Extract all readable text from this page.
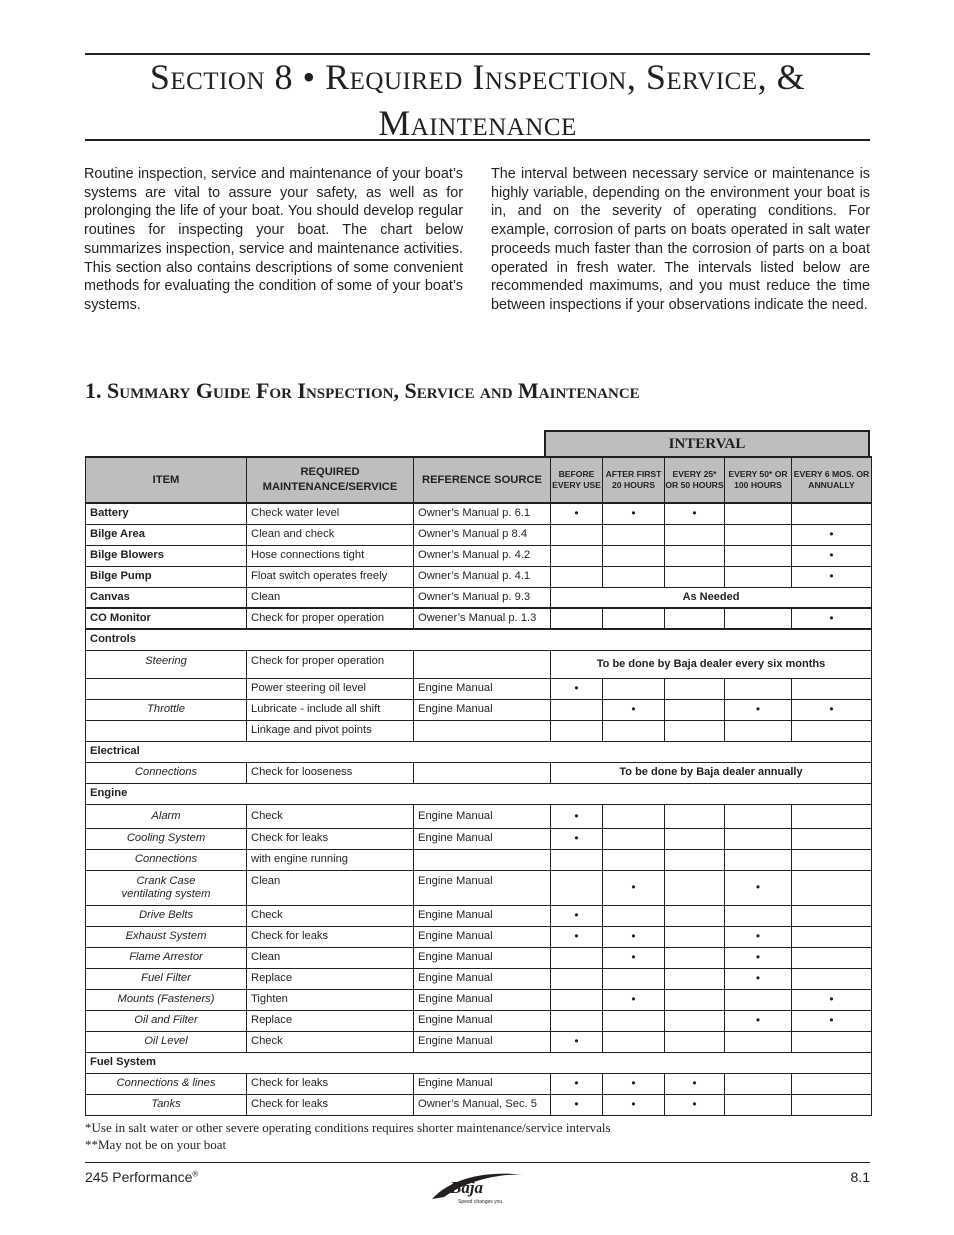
Section 8 • Required Inspection, Service, &
Maintenance

Routine inspection, service and maintenance of your boat’s systems are vital to assure your safety, as well as for prolonging the life of your boat. You should develop regular routines for inspecting your boat. The chart below summarizes inspection, service and maintenance activities. This section also contains descriptions of some convenient methods for evaluating the condition of some of your boat’s systems.

The interval between necessary service or maintenance is highly variable, depending on the environment your boat is in, and on the severity of operating conditions. For example, corrosion of parts on boats operated in salt water proceeds much faster than the corrosion of parts on a boat operated in fresh water. The intervals listed below are recommended maximums, and you must reduce the time between inspections if your observations indicate the need.

1. Summary Guide For Inspection, Service and Maintenance
INTERVAL
ITEM	REQUIRED MAINTENANCE/SERVICE	REFERENCE SOURCE	BEFORE EVERY USE	AFTER FIRST 20 HOURS	EVERY 25* OR 50 HOURS	EVERY 50* OR 100 HOURS	EVERY 6 MOS. OR ANNUALLY
Battery	Check water level	Owner’s Manual p. 6.1	•	•	•		
Bilge Area	Clean and check	Owner’s Manual p 8.4					•
Bilge Blowers	Hose connections tight	Owner’s Manual p. 4.2					•
Bilge Pump	Float switch operates freely	Owner’s Manual p. 4.1					•
Canvas	Clean	Owner’s Manual p. 9.3	As Needed				
CO Monitor	Check for proper operation	Owener’s Manual p. 1.3					•
Controls							
Steering	Check for proper operation		To be done by Baja dealer every six months				
	Power steering oil level	Engine Manual	•				
Throttle	Lubricate - include all shift	Engine Manual		•		•	•
	Linkage and pivot points						
Electrical							
Connections	Check for looseness		To be done by Baja dealer annually				
Engine							
Alarm	Check	Engine Manual	•				
Cooling System	Check for leaks	Engine Manual	•				
Connections	with engine running						

Crank Case
ventilating system	Clean	Engine Manual		•		•	
Drive Belts	Check	Engine Manual	•				
Exhaust System	Check for leaks	Engine Manual	•	•		•	
Flame Arrestor	Clean	Engine Manual		•		•	
Fuel Filter	Replace	Engine Manual				•	
Mounts (Fasteners)	Tighten	Engine Manual		•			•
Oil and Filter	Replace	Engine Manual				•	•
Oil Level	Check	Engine Manual	•				
Fuel System							
Connections & lines	Check for leaks	Engine Manual	•	•	•		
Tanks	Check for leaks	Owner’s Manual, Sec. 5	•	•	•		
*Use in salt water or other severe operating conditions requires shorter maintenance/service intervals
**May not be on your boat
245 Performance®
Baja
Speed changes you.
8.1
